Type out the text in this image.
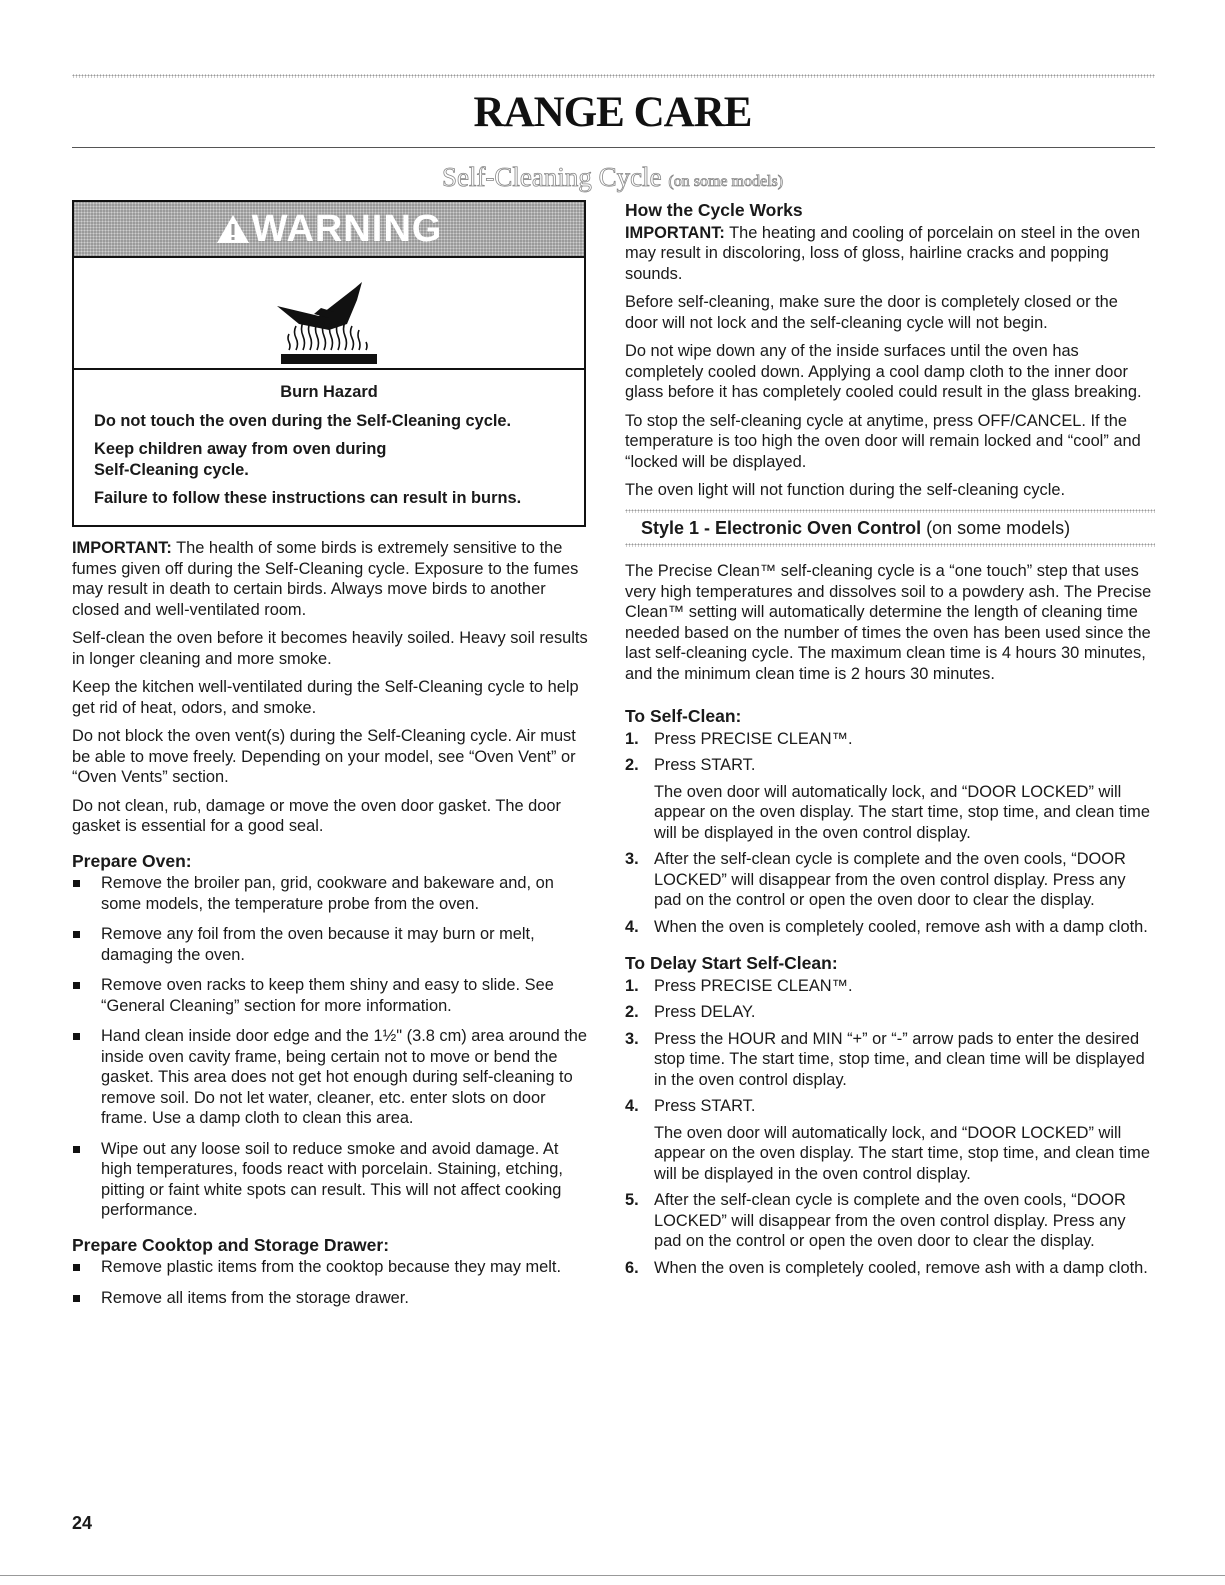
RANGE CARE
Self-Cleaning Cycle (on some models)
WARNING

Burn Hazard

Do not touch the oven during the Self-Cleaning cycle.

Keep children away from oven during
Self-Cleaning cycle.

Failure to follow these instructions can result in burns.

IMPORTANT: The health of some birds is extremely sensitive to the fumes given off during the Self-Cleaning cycle. Exposure to the fumes may result in death to certain birds. Always move birds to another closed and well-ventilated room.

Self-clean the oven before it becomes heavily soiled. Heavy soil results in longer cleaning and more smoke.

Keep the kitchen well-ventilated during the Self-Cleaning cycle to help get rid of heat, odors, and smoke.

Do not block the oven vent(s) during the Self-Cleaning cycle. Air must be able to move freely. Depending on your model, see “Oven Vent” or “Oven Vents” section.

Do not clean, rub, damage or move the oven door gasket. The door gasket is essential for a good seal.

Prepare Oven:
Remove the broiler pan, grid, cookware and bakeware and, on some models, the temperature probe from the oven.
Remove any foil from the oven because it may burn or melt, damaging the oven.
Remove oven racks to keep them shiny and easy to slide. See “General Cleaning” section for more information.
Hand clean inside door edge and the 1½" (3.8 cm) area around the inside oven cavity frame, being certain not to move or bend the gasket. This area does not get hot enough during self-cleaning to remove soil. Do not let water, cleaner, etc. enter slots on door frame. Use a damp cloth to clean this area.
Wipe out any loose soil to reduce smoke and avoid damage. At high temperatures, foods react with porcelain. Staining, etching, pitting or faint white spots can result. This will not affect cooking performance.
Prepare Cooktop and Storage Drawer:
Remove plastic items from the cooktop because they may melt.
Remove all items from the storage drawer.
How the Cycle Works

IMPORTANT: The heating and cooling of porcelain on steel in the oven may result in discoloring, loss of gloss, hairline cracks and popping sounds.

Before self-cleaning, make sure the door is completely closed or the door will not lock and the self-cleaning cycle will not begin.

Do not wipe down any of the inside surfaces until the oven has completely cooled down. Applying a cool damp cloth to the inner door glass before it has completely cooled could result in the glass breaking.

To stop the self-cleaning cycle at anytime, press OFF/CANCEL. If the temperature is too high the oven door will remain locked and “cool” and “locked will be displayed.

The oven light will not function during the self-cleaning cycle.

Style 1 - Electronic Oven Control (on some models)

The Precise Clean™ self-cleaning cycle is a “one touch” step that uses very high temperatures and dissolves soil to a powdery ash. The Precise Clean™ setting will automatically determine the length of cleaning time needed based on the number of times the oven has been used since the last self-cleaning cycle. The maximum clean time is 4 hours 30 minutes, and the minimum clean time is 2 hours 30 minutes.

To Self-Clean:
1. Press PRECISE CLEAN™.
2. Press START.
The oven door will automatically lock, and “DOOR LOCKED” will appear on the oven display. The start time, stop time, and clean time will be displayed in the oven control display.
3. After the self-clean cycle is complete and the oven cools, “DOOR LOCKED” will disappear from the oven control display. Press any pad on the control or open the oven door to clear the display.
4. When the oven is completely cooled, remove ash with a damp cloth.
To Delay Start Self-Clean:
1. Press PRECISE CLEAN™.
2. Press DELAY.
3. Press the HOUR and MIN “+” or “-” arrow pads to enter the desired stop time. The start time, stop time, and clean time will be displayed in the oven control display.
4. Press START.
The oven door will automatically lock, and “DOOR LOCKED” will appear on the oven display. The start time, stop time, and clean time will be displayed in the oven control display.
5. After the self-clean cycle is complete and the oven cools, “DOOR LOCKED” will disappear from the oven control display. Press any pad on the control or open the oven door to clear the display.
6. When the oven is completely cooled, remove ash with a damp cloth.
24
